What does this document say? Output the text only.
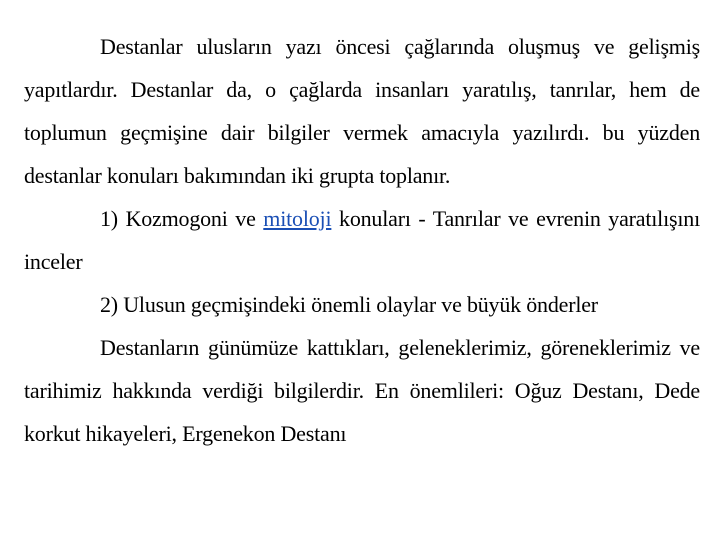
Destanlar ulusların yazı öncesi çağlarında oluşmuş ve gelişmiş yapıtlardır. Destanlar da, o çağlarda insanları yaratılış, tanrılar, hem de toplumun geçmişine dair bilgiler vermek amacıyla yazılırdı. bu yüzden destanlar konuları bakımından iki grupta toplanır.

1) Kozmogoni ve mitoloji konuları - Tanrılar ve evrenin yaratılışını inceler

2) Ulusun geçmişindeki önemli olaylar ve büyük önderler

Destanların günümüze kattıkları, geleneklerimiz, göreneklerimiz ve tarihimiz hakkında verdiği bilgilerdir. En önemlileri: Oğuz Destanı, Dede korkut hikayeleri, Ergenekon Destanı
